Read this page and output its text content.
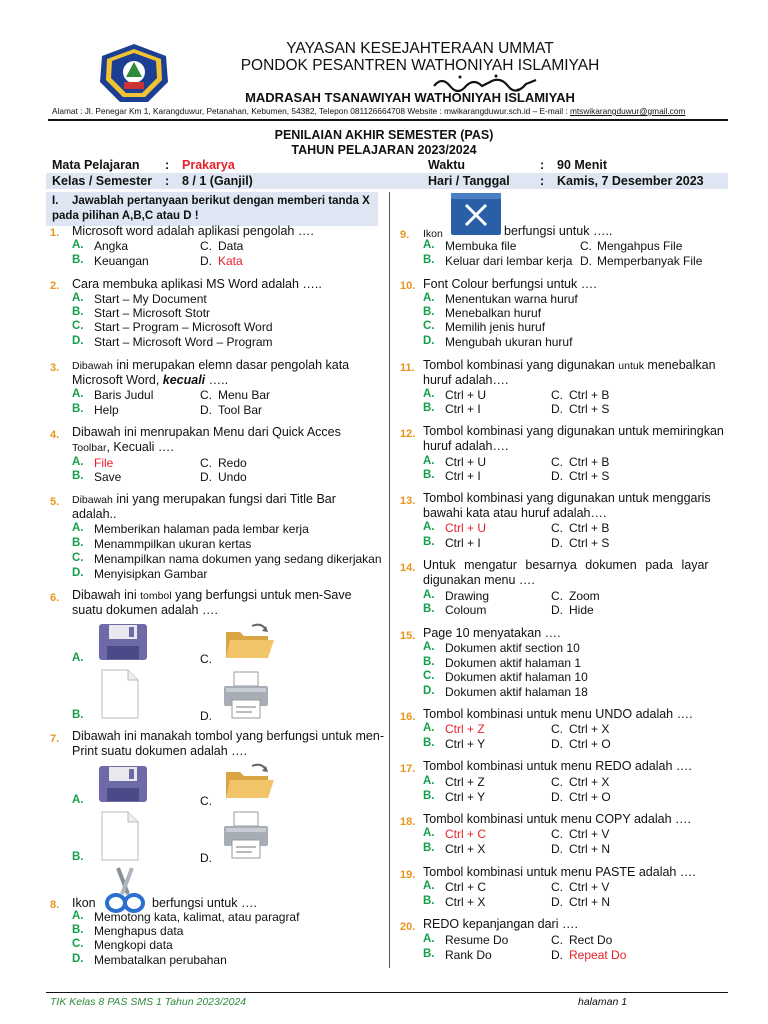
YAYASAN KESEJAHTERAAN UMMAT
PONDOK PESANTREN WATHONIYAH ISLAMIYAH
MADRASAH TSANAWIYAH WATHONIYAH ISLAMIYAH
Alamat : Jl. Penegar Km 1, Karangduwur, Petanahan, Kebumen, 54382, Telepon 081126664708 Website : mwikarangduwur.sch.id – E-mail : mtswikarangduwur@gmail.com
PENILAIAN AKHIR SEMESTER (PAS)
TAHUN PELAJARAN 2023/2024
Mata Pelajaran : Prakarya	Waktu	: 90 Menit
Kelas / Semester : 8 / 1 (Ganjil)	Hari / Tanggal : Kamis, 7 Desember 2023
I. Jawablah pertanyaan berikut dengan memberi tanda X
pada pilihan A,B,C atau D !
1. Microsoft word adalah aplikasi pengolah ….
A. Angka	C. Data
B. Keuangan	D. Kata
2. Cara membuka aplikasi MS Word adalah …..
A. Start – My Document
B. Start – Microsoft Stotr
C. Start – Program – Microsoft Word
D. Start – Microsoft Word – Program
3. Dibawah ini merupakan elemn dasar pengolah kata
Microsoft Word, kecuali …..
A. Baris Judul	C. Menu Bar
B. Help	D. Tool Bar
4. Dibawah ini menrupakan Menu dari Quick Acces
Toolbar, Kecuali ….
A. File	C. Redo
B. Save	D. Undo
5. Dibawah ini yang merupakan fungsi dari Title Bar
adalah..
A. Memberikan halaman pada lembar kerja
B. Menammpilkan ukuran kertas
C. Menampilkan nama dokumen yang sedang dikerjakan
D. Menyisipkan Gambar
6. Dibawah ini tombol yang berfungsi untuk men-Save
suatu dokumen adalah ….
A.	C.
B.	D.
7. Dibawah ini manakah tombol yang berfungsi untuk men-
Print suatu dokumen adalah ….
A.	C.
B.	D.
8. Ikon	berfungsi untuk ….
A. Memotong kata, kalimat, atau paragraf
B. Menghapus data
C. Mengkopi data
D. Membatalkan perubahan
9. Ikon	berfungsi untuk …..
A. Membuka file	C. Mengahpus File
B. Keluar dari lembar kerja D. Memperbanyak File
10. Font Colour berfungsi untuk ….
A. Menentukan warna huruf
B. Menebalkan huruf
C. Memilih jenis huruf
D. Mengubah ukuran huruf
11. Tombol kombinasi yang digunakan untuk menebalkan
huruf adalah….
A. Ctrl + U	C. Ctrl + B
B. Ctrl + I	D. Ctrl + S
12. Tombol kombinasi yang digunakan untuk memiringkan
huruf adalah….
A. Ctrl + U	C. Ctrl + B
B. Ctrl + I	D. Ctrl + S
13. Tombol kombinasi yang digunakan untuk menggaris
bawahi kata atau huruf adalah….
A. Ctrl + U	C. Ctrl + B
B. Ctrl + I	D. Ctrl + S
14. Untuk mengatur besarnya dokumen pada layar
digunakan menu ….
A. Drawing	C. Zoom
B. Coloum	D. Hide
15. Page 10 menyatakan ….
A. Dokumen aktif section 10
B. Dokumen aktif halaman 1
C. Dokumen aktif halaman 10
D. Dokumen aktif halaman 18
16. Tombol kombinasi untuk menu UNDO adalah ….
A. Ctrl + Z	C. Ctrl + X
B. Ctrl + Y	D. Ctrl + O
17. Tombol kombinasi untuk menu REDO adalah ….
A. Ctrl + Z	C. Ctrl + X
B. Ctrl + Y	D. Ctrl + O
18. Tombol kombinasi untuk menu COPY adalah ….
A. Ctrl + C	C. Ctrl + V
B. Ctrl + X	D. Ctrl + N
19. Tombol kombinasi untuk menu PASTE adalah ….
A. Ctrl + C	C. Ctrl + V
B. Ctrl + X	D. Ctrl + N
20. REDO kepanjangan dari ….
A. Resume Do	C. Rect Do
B. Rank Do	D. Repeat Do
TIK Kelas 8 PAS SMS 1 Tahun 2023/2024	halaman 1
